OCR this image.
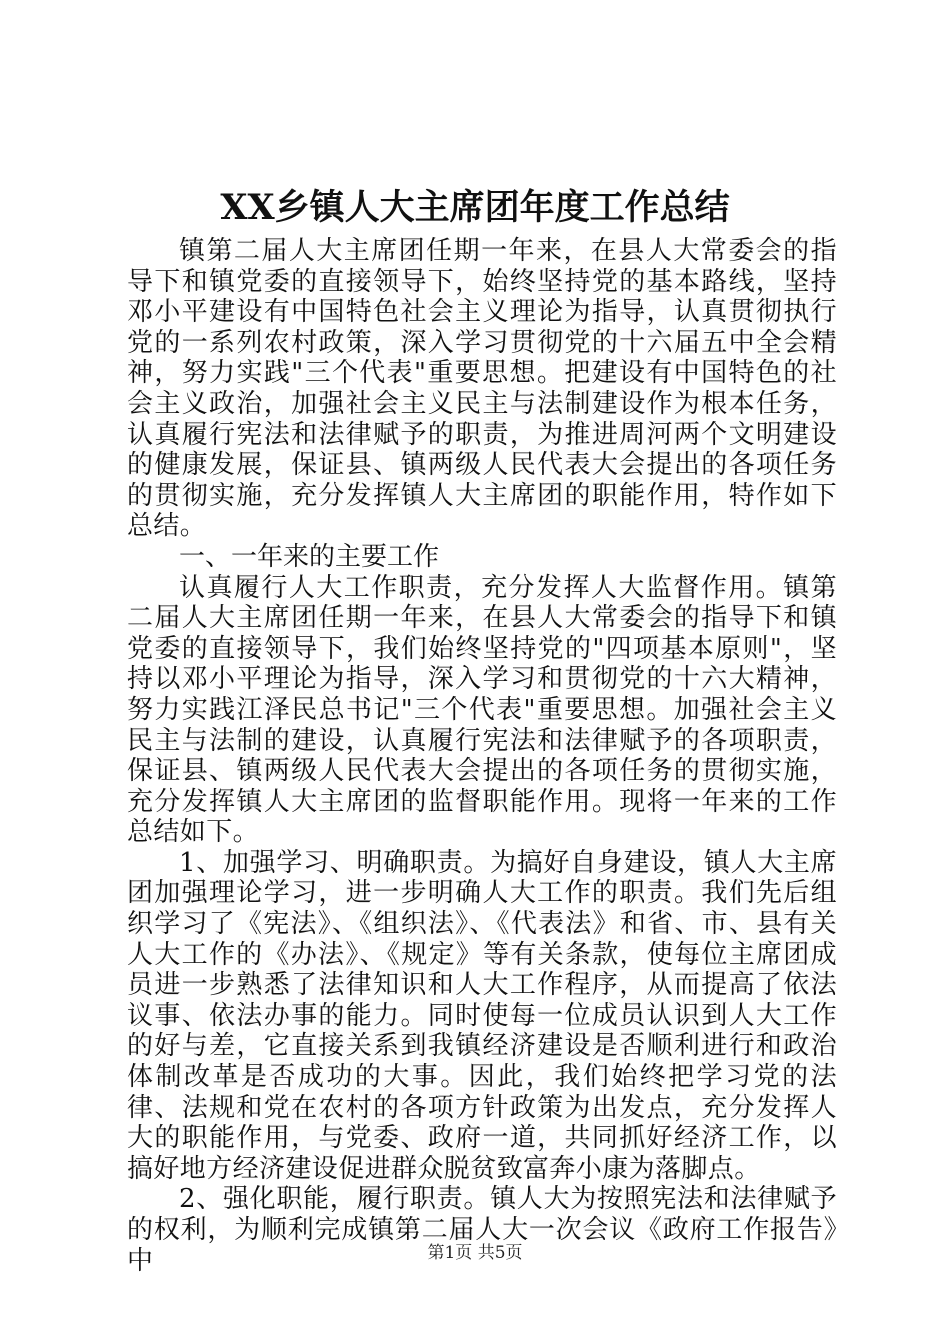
XX乡镇人大主席团年度工作总结

镇第二届人大主席团任期一年来，在县人大常委会的指导下和镇党委的直接领导下，始终坚持党的基本路线，坚持邓小平建设有中国特色社会主义理论为指导，认真贯彻执行党的一系列农村政策，深入学习贯彻党的十六届五中全会精神，努力实践"三个代表"重要思想。把建设有中国特色的社会主义政治，加强社会主义民主与法制建设作为根本任务，认真履行宪法和法律赋予的职责，为推进周河两个文明建设的健康发展，保证县、镇两级人民代表大会提出的各项任务的贯彻实施，充分发挥镇人大主席团的职能作用，特作如下总结。

一、一年来的主要工作

认真履行人大工作职责，充分发挥人大监督作用。镇第二届人大主席团任期一年来，在县人大常委会的指导下和镇党委的直接领导下，我们始终坚持党的"四项基本原则"，坚持以邓小平理论为指导，深入学习和贯彻党的十六大精神，努力实践江泽民总书记"三个代表"重要思想。加强社会主义民主与法制的建设，认真履行宪法和法律赋予的各项职责，保证县、镇两级人民代表大会提出的各项任务的贯彻实施，充分发挥镇人大主席团的监督职能作用。现将一年来的工作总结如下。

1、加强学习、明确职责。为搞好自身建设，镇人大主席团加强理论学习，进一步明确人大工作的职责。我们先后组织学习了《宪法》、《组织法》、《代表法》和省、市、县有关人大工作的《办法》、《规定》等有关条款，使每位主席团成员进一步熟悉了法律知识和人大工作程序，从而提高了依法议事、依法办事的能力。同时使每一位成员认识到人大工作的好与差，它直接关系到我镇经济建设是否顺利进行和政治体制改革是否成功的大事。因此，我们始终把学习党的法律、法规和党在农村的各项方针政策为出发点，充分发挥人大的职能作用，与党委、政府一道，共同抓好经济工作，以搞好地方经济建设促进群众脱贫致富奔小康为落脚点。

2、强化职能，履行职责。镇人大为按照宪法和法律赋予的权利，为顺利完成镇第二届人大一次会议《政府工作报告》中	第1页 共5页
